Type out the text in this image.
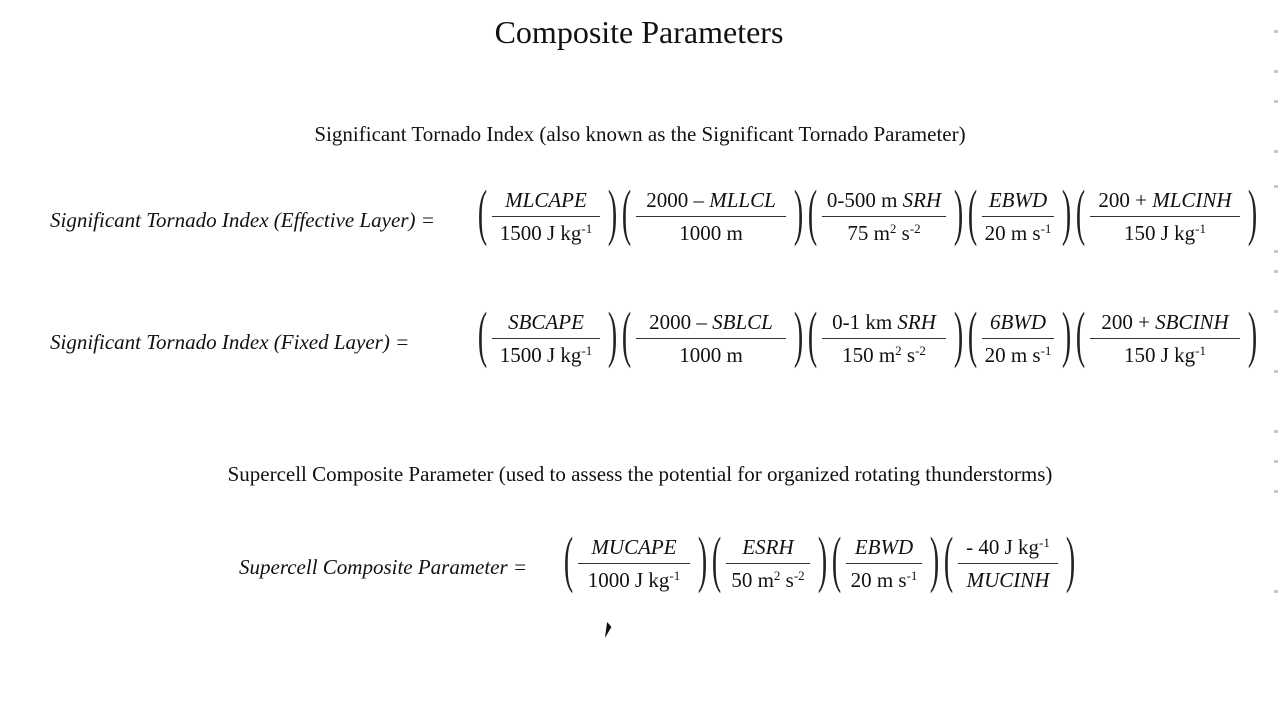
Composite Parameters
Significant Tornado Index (also known as the Significant Tornado Parameter)
Significant Tornado Index (Effective Layer) = ( $\frac{\text{MLCAPE}}{1500 J kg^{-1}}$ ) ( $\frac{\text{2000 – MLLCL}}{1000 m}$ ) ( $\frac{\text{0-500 m SRH}}{75 m^2 s^{-2}}$ ) ( $\frac{\text{EBWD}}{20 m s^{-1}}$ ) ( $\frac{\text{200 + MLCINH}}{150 J kg^{-1}}$ )
Significant Tornado Index (Fixed Layer) = ( $\frac{\text{SBCAPE}}{1500 J kg^{-1}}$ ) ( $\frac{\text{2000 – SBLCL}}{1000 m}$ ) ( $\frac{\text{0-1 km SRH}}{150 m^2 s^{-2}}$ ) ( $\frac{\text{6BWD}}{20 m s^{-1}}$ ) ( $\frac{\text{200 + SBCINH}}{150 J kg^{-1}}$ )
Supercell Composite Parameter (used to assess the potential for organized rotating thunderstorms)
Supercell Composite Parameter = ( $\frac{\text{MUCAPE}}{1000 J kg^{-1}}$ ) ( $\frac{\text{ESRH}}{50 m^2 s^{-2}}$ ) ( $\frac{\text{EBWD}}{20 m s^{-1}}$ ) ( $\frac{- 40 J kg^{-1}}{\text{MUCINH}}$ )
